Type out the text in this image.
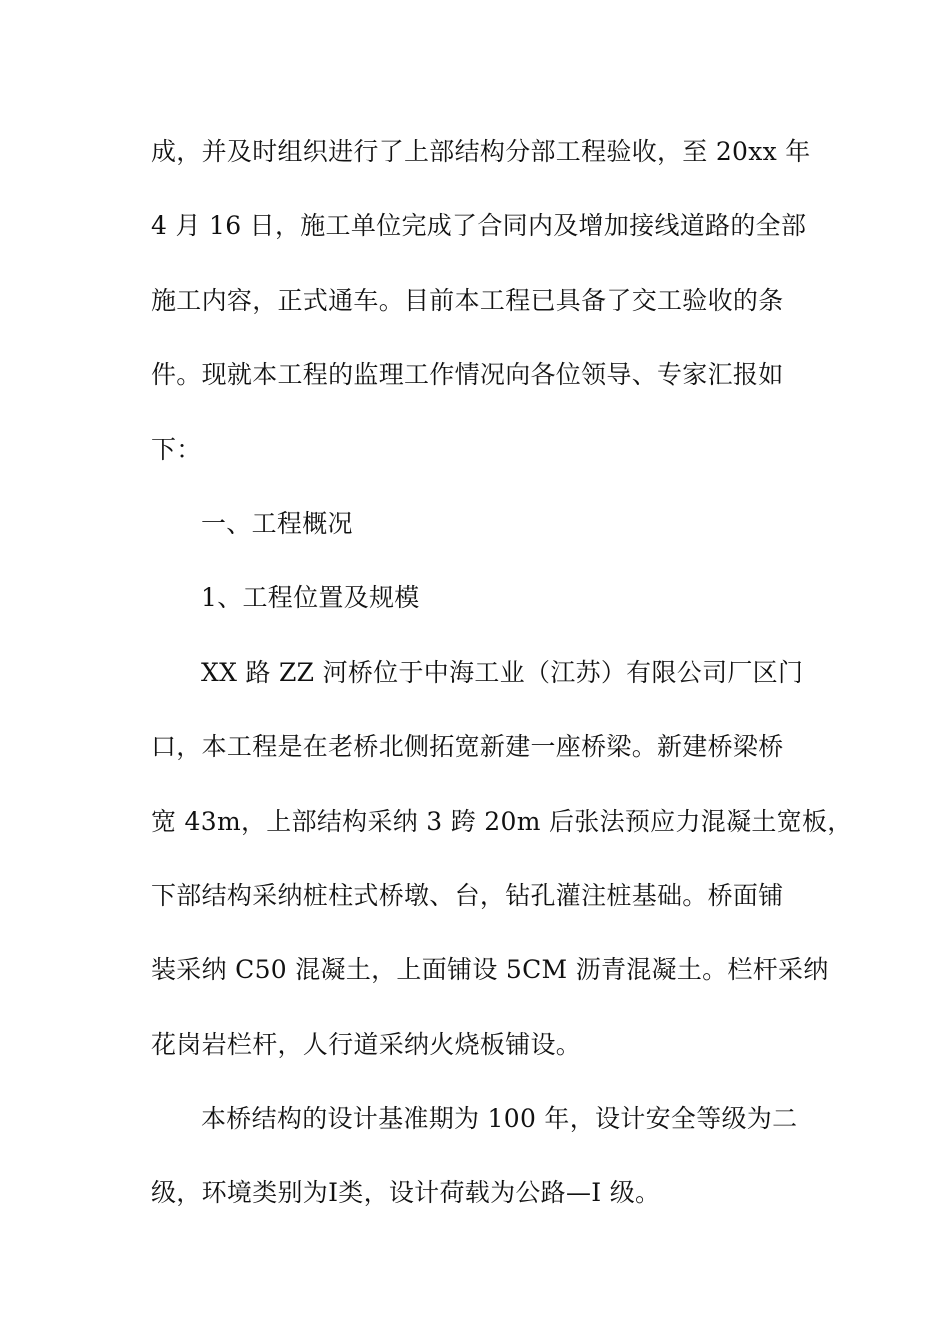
成，并及时组织进行了上部结构分部工程验收，至 20xx 年
4 月 16 日，施工单位完成了合同内及增加接线道路的全部
施工内容，正式通车。目前本工程已具备了交工验收的条
件。现就本工程的监理工作情况向各位领导、专家汇报如
下：
一、工程概况
1、工程位置及规模
XX 路 ZZ 河桥位于中海工业（江苏）有限公司厂区门
口，本工程是在老桥北侧拓宽新建一座桥梁。新建桥梁桥
宽 43m，上部结构采纳 3 跨 20m 后张法预应力混凝土宽板，
下部结构采纳桩柱式桥墩、台，钻孔灌注桩基础。桥面铺
装采纳 C50 混凝土，上面铺设 5CM 沥青混凝土。栏杆采纳
花岗岩栏杆，人行道采纳火烧板铺设。
本桥结构的设计基准期为 100 年，设计安全等级为二
级，环境类别为Ⅰ类，设计荷载为公路—I 级。
